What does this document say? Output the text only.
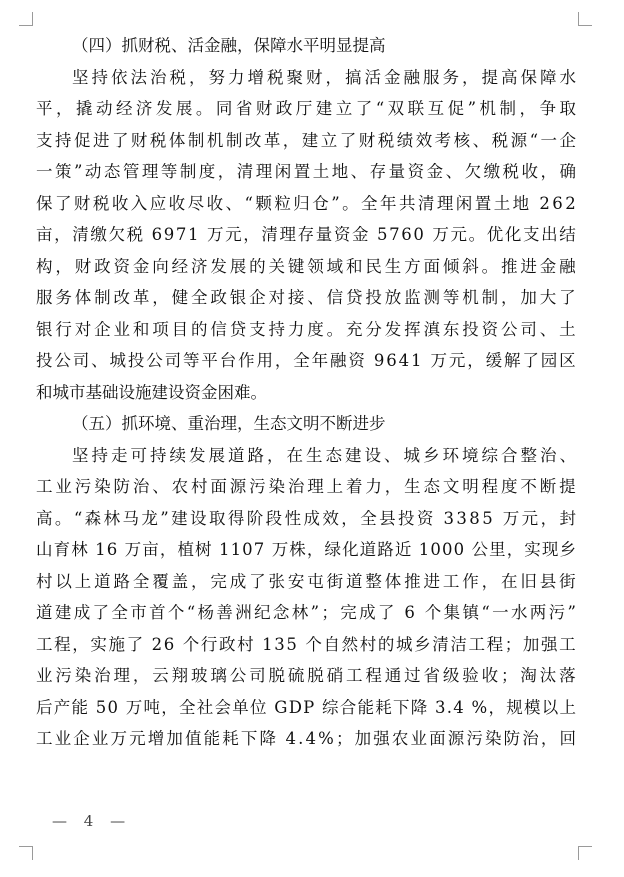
（四）抓财税、活金融，保障水平明显提高
坚 持 依 法 治 税 ， 努 力 增 税 聚 财 ， 搞 活 金 融 服 务 ， 提 高 保 障 水
平 ， 撬 动 经 济 发 展 。 同 省 财 政 厅 建 立 了 “ 双 联 互 促 ” 机 制 ， 争 取
支 持 促 进 了 财 税 体 制 机 制 改 革 ， 建 立 了 财 税 绩 效 考 核 、 税 源 “ 一 企
一 策 ” 动 态 管 理 等 制 度 ， 清 理 闲 置 土 地 、 存 量 资 金 、 欠 缴 税 收 ， 确
保 了 财 税 收 入 应 收 尽 收 、 “ 颗 粒 归 仓 ” 。 全 年 共 清 理 闲 置 土 地
2 6 2
亩 ， 清 缴 欠 税
6 9 7 1
万 元 ， 清 理 存 量 资 金
5 7 6 0
万 元 。 优 化 支 出 结
构 ， 财 政 资 金 向 经 济 发 展 的 关 键 领 域 和 民 生 方 面 倾 斜 。 推 进 金 融
服 务 体 制 改 革 ， 健 全 政 银 企 对 接 、 信 贷 投 放 监 测 等 机 制 ， 加 大 了
银 行 对 企 业 和 项 目 的 信 贷 支 持 力 度 。 充 分 发 挥 滇 东 投 资 公 司 、 土
投 公 司 、 城 投 公 司 等 平 台 作 用 ， 全 年 融 资
9 6 4 1
万 元 ， 缓 解 了 园 区
和城市基础设施建设资金困难。
（五）抓环境、重治理，生态文明不断进步
坚 持 走 可 持 续 发 展 道 路 ， 在 生 态 建 设 、 城 乡 环 境 综 合 整 治 、
工 业 污 染 防 治 、 农 村 面 源 污 染 治 理 上 着 力 ， 生 态 文 明 程 度 不 断 提
高 。 “ 森 林 马 龙 ” 建 设 取 得 阶 段 性 成 效 ， 全 县 投 资
3 3 8 5
万 元 ， 封
山 育 林
1 6
万 亩 ， 植 树
1 1 0 7
万 株 ， 绿 化 道 路 近
1 0 0 0
公 里 ， 实 现 乡
村 以 上 道 路 全 覆 盖 ， 完 成 了 张 安 屯 街 道 整 体 推 进 工 作 ， 在 旧 县 街
道 建 成 了 全 市 首 个 “ 杨 善 洲 纪 念 林 ” ； 完 成 了
6
个 集 镇 “ 一 水 两 污 ”
工 程 ， 实 施 了
2 6
个 行 政 村
1 3 5
个 自 然 村 的 城 乡 清 洁 工 程 ； 加 强 工
业 污 染 治 理 ， 云 翔 玻 璃 公 司 脱 硫 脱 硝 工 程 通 过 省 级 验 收 ； 淘 汰 落
后 产 能
5 0
万 吨 ， 全 社 会 单 位
G D P
综 合 能 耗 下 降
3 . 4
% ， 规 模 以 上
工 业 企 业 万 元 增 加 值 能 耗 下 降
4 . 4 % ； 加 强 农 业 面 源 污 染 防 治 ， 回
— 4 —
